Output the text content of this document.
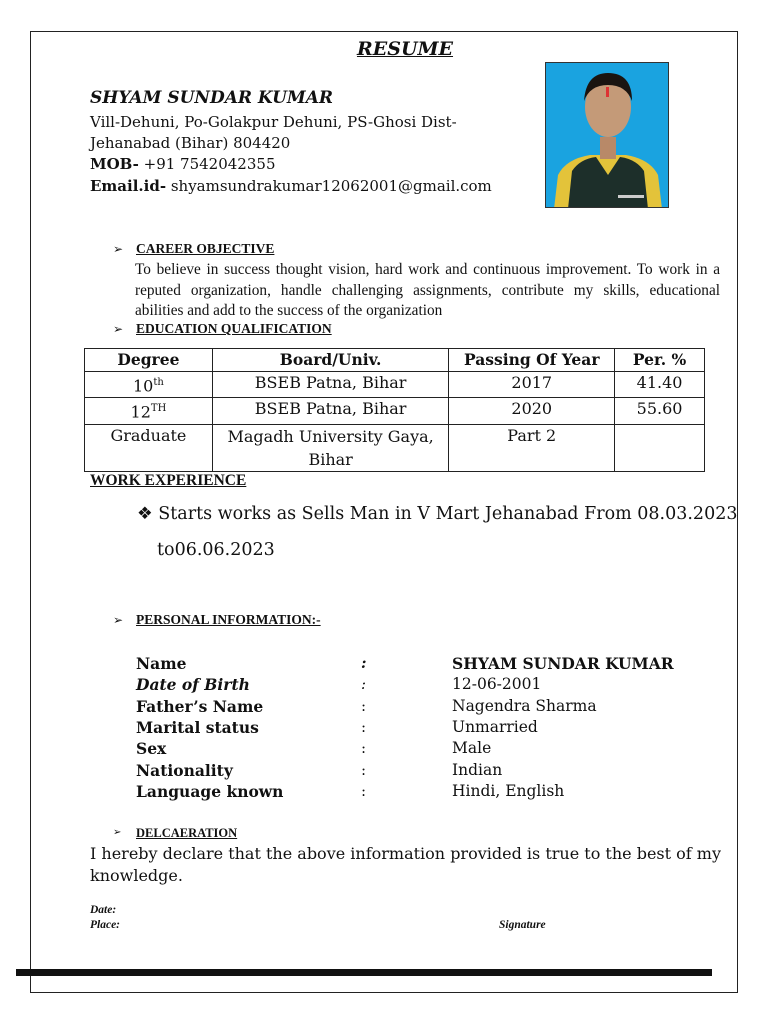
RESUME
SHYAM SUNDAR KUMAR
Vill-Dehuni, Po-Golakpur Dehuni, PS-Ghosi Dist-
Jehanabad (Bihar) 804420
MOB- +91 7542042355
Email.id- shyamsundrakumar12062001@gmail.com
➢ CAREER OBJECTIVE
To believe in success thought vision, hard work and continuous improvement. To work in a reputed organization, handle challenging assignments, contribute my skills, educational abilities and add to the success of the organization
➢ EDUCATION QUALIFICATION
Degree	Board/Univ.	Passing Of Year	Per. %
10th	BSEB Patna, Bihar	2017	41.40
12TH	BSEB Patna, Bihar	2020	55.60
Graduate	Magadh University Gaya, Bihar	Part 2	
WORK EXPERIENCE
❖ Starts works as Sells Man in V Mart Jehanabad From 08.03.2023
to06.06.2023
➢ PERSONAL INFORMATION:-
Name	:	SHYAM SUNDAR KUMAR
Date of Birth	:	12-06-2001
Father’s Name	:	Nagendra Sharma
Marital status	:	Unmarried
Sex	:	Male
Nationality	:	Indian
Language known	:	Hindi, English
➢ DELCAERATION
I hereby declare that the above information provided is true to the best of my
knowledge.
Date:
Place:	Signature
